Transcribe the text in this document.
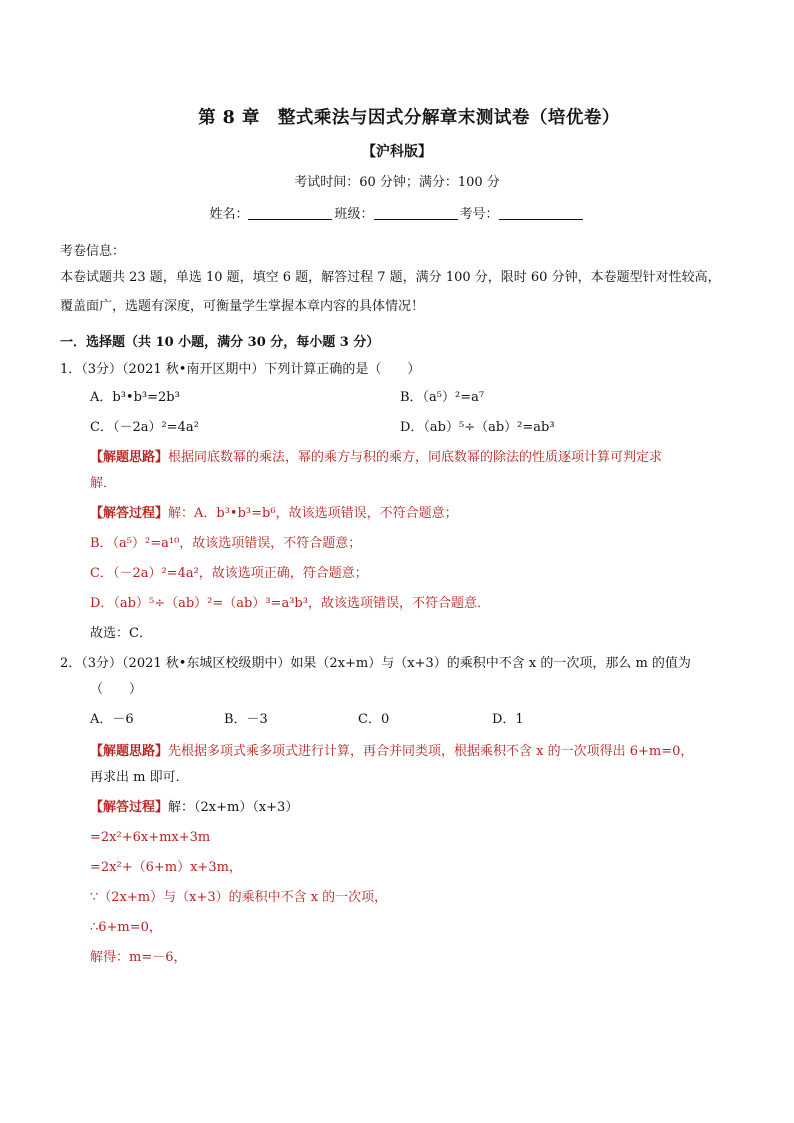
第 8 章　整式乘法与因式分解章末测试卷（培优卷）
【沪科版】
考试时间：60 分钟；满分：100 分
姓名：	班级：	考号：
考卷信息：
本卷试题共 23 题，单选 10 题，填空 6 题，解答过程 7 题，满分 100 分，限时 60 分钟，本卷题型针对性较高，
覆盖面广，选题有深度，可衡量学生掌握本章内容的具体情况！
一．选择题（共 10 小题，满分 30 分，每小题 3 分）
1．（3分）（2021 秋•南开区期中）下列计算正确的是（　　）
A．b³•b³=2b³	B．（a⁵）²=a⁷
C．（－2a）²=4a²	D．（ab）⁵÷（ab）²=ab³
【解题思路】根据同底数幂的乘法，幂的乘方与积的乘方，同底数幂的除法的性质逐项计算可判定求
解．
【解答过程】解：A．b³•b³=b⁶，故该选项错误，不符合题意；
B．（a⁵）²=a¹⁰，故该选项错误，不符合题意；
C．（－2a）²=4a²，故该选项正确，符合题意；
D．（ab）⁵÷（ab）²=（ab）³=a³b³，故该选项错误，不符合题意．
故选：C．
2．（3分）（2021 秋•东城区校级期中）如果（2x+m）与（x+3）的乘积中不含 x 的一次项，那么 m 的值为
（　　）
A．－6	B．－3	C．0	D．1
【解题思路】先根据多项式乘多项式进行计算，再合并同类项，根据乘积不含 x 的一次项得出 6+m=0，
再求出 m 即可．
【解答过程】解：（2x+m）（x+3）
=2x²+6x+mx+3m
=2x²+（6+m）x+3m，
∵（2x+m）与（x+3）的乘积中不含 x 的一次项，
∴6+m=0，
解得：m=－6，
